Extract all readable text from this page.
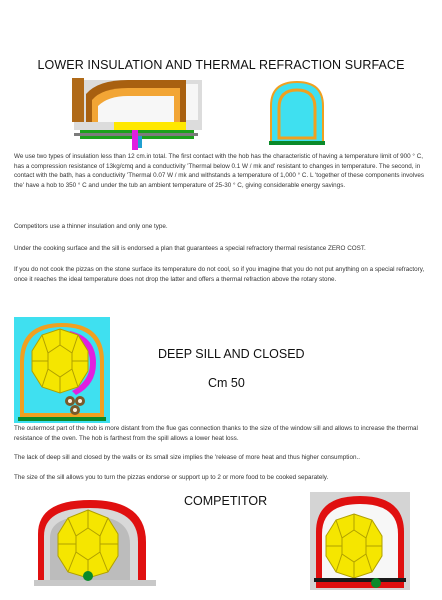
LOWER INSULATION AND THERMAL REFRACTION SURFACE
We use two types of insulation less than 12 cm.in total. The first contact with the hob has the characteristic of having a temperature limit of 900 ° C, has a compression resistance of 13kg/cmq and a conductivity 'Thermal below 0.1 W / mk and' resistant to changes in temperature. The second, in contact with the bath, has a conductivity 'Thermal 0.07 W / mk and withstands a temperature of 1,000 ° C. L 'together of these components involves the' have a hob to 350 ° C and under the tub an ambient temperature of 25-30 ° C, giving considerable energy savings.
Competitors use a thinner insulation and only one type.
Under the cooking surface and the sill is endorsed a plan that guarantees a special refractory thermal resistance ZERO COST.
If you do not cook the pizzas on the stone surface its temperature do not cool, so if you imagine that you do not put anything on a special refractory, once it reaches the ideal temperature does not drop the latter and offers a thermal refraction above the rotary stone.
DEEP SILL AND CLOSED
Cm 50
The outermost part of the hob is more distant from the flue gas connection thanks to the size of the window sill and allows to increase the thermal resistance of the oven. The hob is farthest from the spill allows a lower heat loss.
The lack of deep sill and closed by the walls or its small size implies the 'release of more heat and thus higher consumption..
The size of the sill allows you to turn the pizzas endorse or support up to 2 or more food to be cooked separately.
COMPETITOR
